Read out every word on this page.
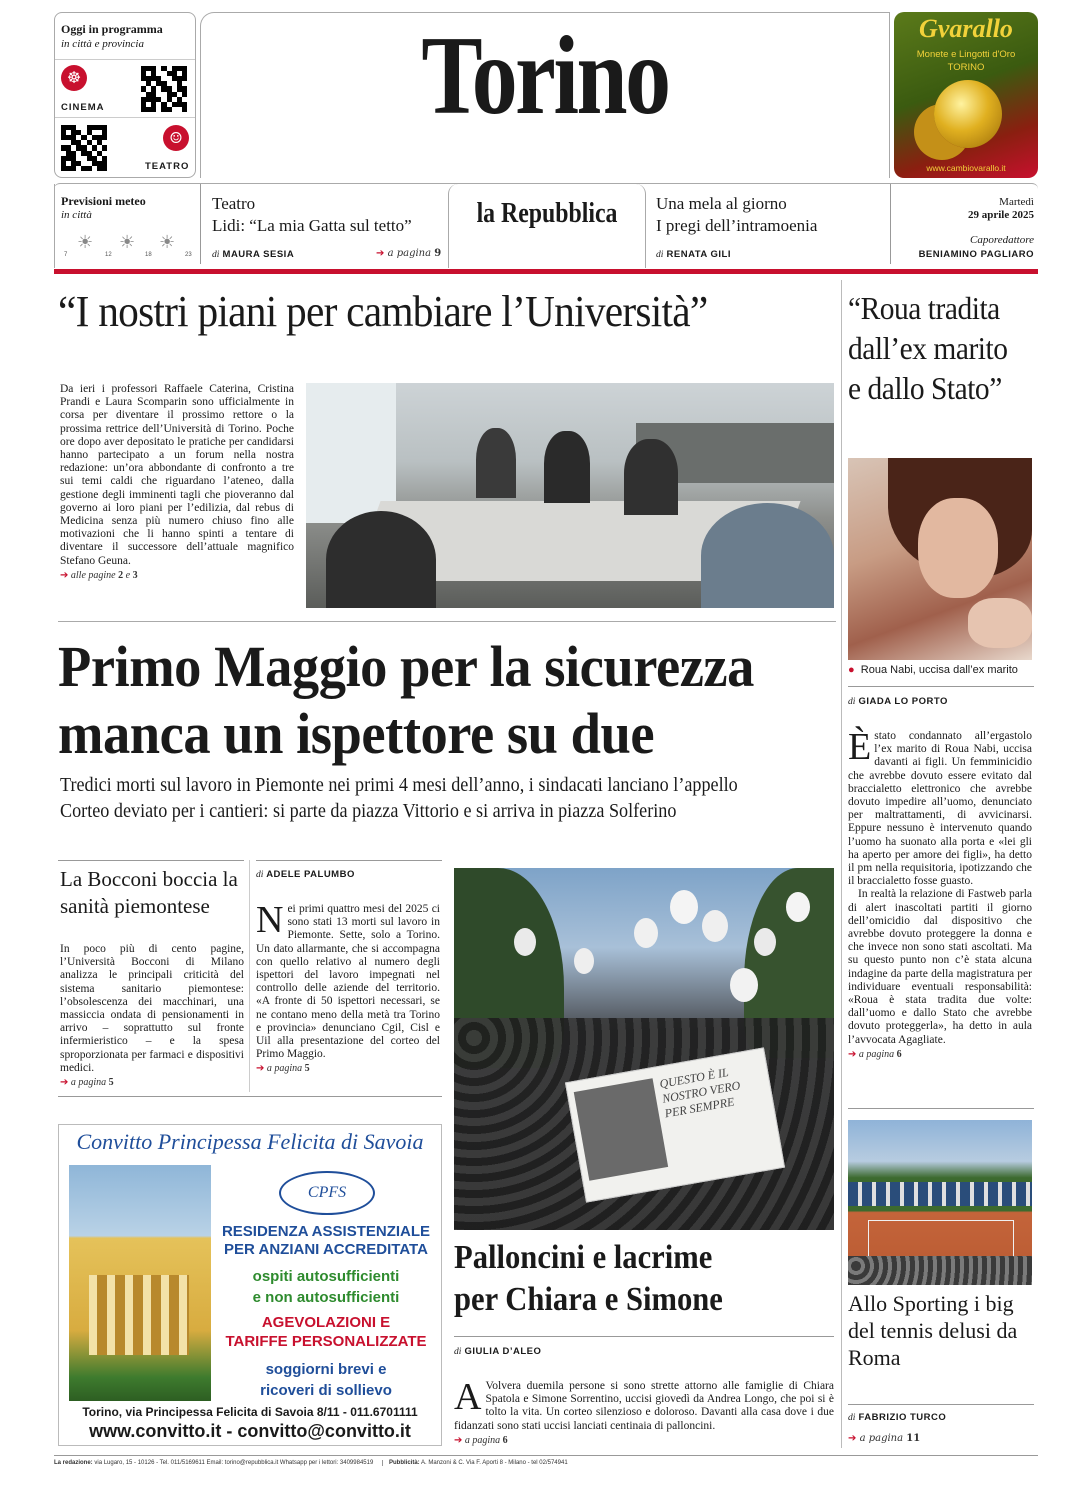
Oggi in programma
in città e provincia
☸
CINEMA
☺
TEATRO
Torino	Gvarallo
Monete e Lingotti d'Oro
TORINO
www.cambiovarallo.it
Previsioni meteo
in città
☀ ☀ ☀
7	12	18	23
Teatro
Lidi: “La mia Gatta sul tetto”
di MAURA SESIA	➔ a pagina 9
la Repubblica	Una mela al giorno
I pregi dell’intramoenia
di RENATA GILI
Martedì
29 aprile 2025
Caporedattore
BENIAMINO PAGLIARO
“I nostri piani per cambiare l’Università”
Da ieri i professori Raffaele Caterina, Cristina Prandi e Laura Scomparin sono ufficialmente in corsa per diventare il prossimo rettore o la prossima rettrice dell’Università di Torino. Poche ore dopo aver depositato le pratiche per candidarsi hanno partecipato a un forum nella nostra redazione: un’ora abbondante di confronto a tre sui temi caldi che riguardano l’ateneo, dalla gestione degli imminenti tagli che pioveranno dal governo ai loro piani per l’edilizia, dal rebus di Medicina senza più numero chiuso fino alle motivazioni che li hanno spinti a tentare di diventare il successore dell’attuale magnifico Stefano Geuna.
➔ alle pagine 2 e 3
Primo Maggio per la sicurezza
manca un ispettore su due
Tredici morti sul lavoro in Piemonte nei primi 4 mesi dell’anno, i sindacati lanciano l’appello
Corteo deviato per i cantieri: si parte da piazza Vittorio e si arriva in piazza Solferino
La Bocconi boccia la sanità piemontese
In poco più di cento pagine, l’Università Bocconi di Milano analizza le principali criticità del sistema sanitario piemontese: l’obsolescenza dei macchinari, una massiccia ondata di pensionamenti in arrivo – soprattutto sul fronte infermieristico – e la spesa sproporzionata per farmaci e dispositivi medici.
➔ a pagina 5
di ADELE PALUMBO
Nei primi quattro mesi del 2025 ci sono stati 13 morti sul lavoro in Piemonte. Sette, solo a Torino. Un dato allarmante, che si accompagna con quello relativo al numero degli ispettori del lavoro impegnati nel controllo delle aziende del territorio. «A fronte di 50 ispettori necessari, se ne contano meno della metà tra Torino e provincia» denunciano Cgil, Cisl e Uil alla presentazione del corteo del Primo Maggio.
➔ a pagina 5
Convitto Principessa Felicita di Savoia
CPFS
RESIDENZA ASSISTENZIALE
PER ANZIANI ACCREDITATA
ospiti autosufficienti
e non autosufficienti
AGEVOLAZIONI E
TARIFFE PERSONALIZZATE
soggiorni brevi e
ricoveri di sollievo
Torino, via Principessa Felicita di Savoia 8/11 - 011.6701111
www.convitto.it - convitto@convitto.it
QUESTO È IL NOSTRO VERO PER SEMPRE
Palloncini e lacrime per Chiara e Simone
di GIULIA D’ALEO
A Volvera duemila persone si sono strette attorno alle famiglie di Chiara Spatola e Simone Sorrentino, uccisi giovedì da Andrea Longo, che poi si è tolto la vita. Un corteo silenzioso e doloroso. Davanti alla casa dove i due fidanzati sono stati uccisi lanciati centinaia di palloncini.
➔ a pagina 6
“Roua tradita dall’ex marito e dallo Stato”
● Roua Nabi, uccisa dall’ex marito
di GIADA LO PORTO
È stato condannato all’ergastolo l’ex marito di Roua Nabi, uccisa davanti ai figli. Un femminicidio che avrebbe dovuto essere evitato dal braccialetto elettronico che avrebbe dovuto impedire all’uomo, denunciato per maltrattamenti, di avvicinarsi. Eppure nessuno è intervenuto quando l’uomo ha suonato alla porta e «lei gli ha aperto per amore dei figli», ha detto il pm nella requisitoria, ipotizzando che il braccialetto fosse guasto.
In realtà la relazione di Fastweb parla di alert inascoltati partiti il giorno dell’omicidio dal dispositivo che avrebbe dovuto proteggere la donna e che invece non sono stati ascoltati. Ma su questo punto non c’è stata alcuna indagine da parte della magistratura per individuare eventuali responsabilità: «Roua è stata tradita due volte: dall’uomo e dallo Stato che avrebbe dovuto proteggerla», ha detto in aula l’avvocata Agagliate.
➔ a pagina 6
Allo Sporting i big del tennis delusi da Roma
di FABRIZIO TURCO
➔ a pagina 11
La redazione: via Lugaro, 15 - 10126 - Tel. 011/5169611 Email: torino@repubblica.it Whatsapp per i lettori: 3409984519	Pubblicità: A. Manzoni & C. Via F. Aporti 8 - Milano - tel 02/574941
